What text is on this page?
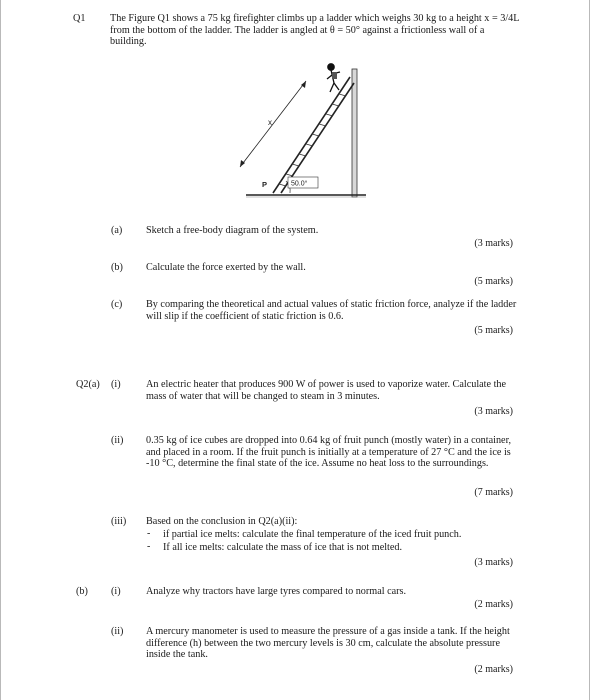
Q1 The Figure Q1 shows a 75 kg firefighter climbs up a ladder which weighs 30 kg to a height x = 3/4L from the bottom of the ladder. The ladder is angled at θ = 50° against a frictionless wall of a building.
x
P	50.0°
(a) Sketch a free-body diagram of the system.
(3 marks)
(b) Calculate the force exerted by the wall.
(5 marks)
(c) By comparing the theoretical and actual values of static friction force, analyze if the ladder will slip if the coefficient of static friction is 0.6.
(5 marks)
Q2(a) (i) An electric heater that produces 900 W of power is used to vaporize water. Calculate the mass of water that will be changed to steam in 3 minutes.
(3 marks)
(ii) 0.35 kg of ice cubes are dropped into 0.64 kg of fruit punch (mostly water) in a container, and placed in a room. If the fruit punch is initially at a temperature of 27 °C and the ice is -10 °C, determine the final state of the ice. Assume no heat loss to the surroundings.
(7 marks)
(iii) Based on the conclusion in Q2(a)(ii):
- if partial ice melts: calculate the final temperature of the iced fruit punch.
- If all ice melts: calculate the mass of ice that is not melted.
(3 marks)
(b) (i) Analyze why tractors have large tyres compared to normal cars.
(2 marks)
(ii) A mercury manometer is used to measure the pressure of a gas inside a tank. If the height difference (h) between the two mercury levels is 30 cm, calculate the absolute pressure inside the tank.
(2 marks)
